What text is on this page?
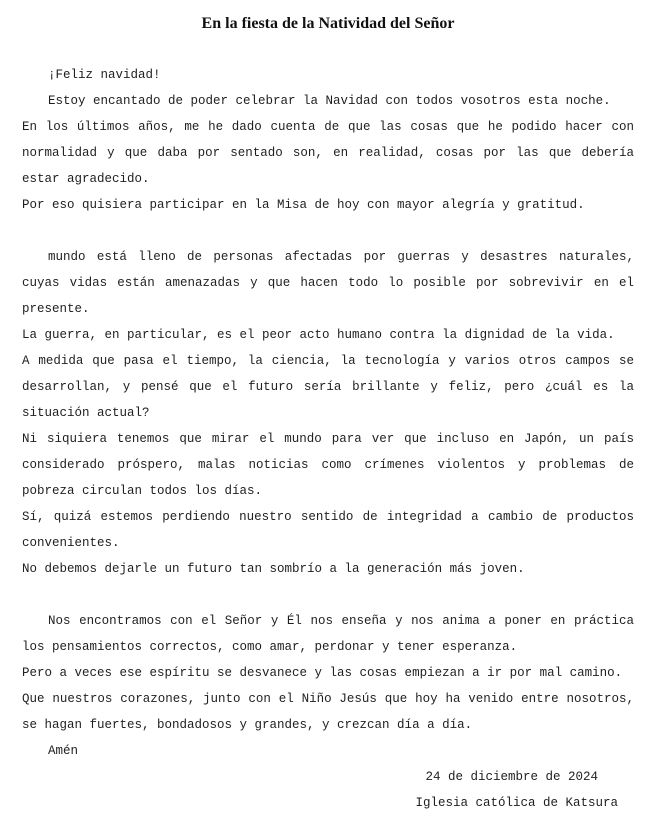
En la fiesta de la Natividad del Señor

¡Feliz navidad!

Estoy encantado de poder celebrar la Navidad con todos vosotros esta noche.

En los últimos años, me he dado cuenta de que las cosas que he podido hacer con normalidad y que daba por sentado son, en realidad, cosas por las que debería estar agradecido.

Por eso quisiera participar en la Misa de hoy con mayor alegría y gratitud.

mundo está lleno de personas afectadas por guerras y desastres naturales, cuyas vidas están amenazadas y que hacen todo lo posible por sobrevivir en el presente.

La guerra, en particular, es el peor acto humano contra la dignidad de la vida.

A medida que pasa el tiempo, la ciencia, la tecnología y varios otros campos se desarrollan, y pensé que el futuro sería brillante y feliz, pero ¿cuál es la situación actual?

Ni siquiera tenemos que mirar el mundo para ver que incluso en Japón, un país considerado próspero, malas noticias como crímenes violentos y problemas de pobreza circulan todos los días.

Sí, quizá estemos perdiendo nuestro sentido de integridad a cambio de productos convenientes.

No debemos dejarle un futuro tan sombrío a la generación más joven.

Nos encontramos con el Señor y Él nos enseña y nos anima a poner en práctica los pensamientos correctos, como amar, perdonar y tener esperanza.

Pero a veces ese espíritu se desvanece y las cosas empiezan a ir por mal camino.

Que nuestros corazones, junto con el Niño Jesús que hoy ha venido entre nosotros, se hagan fuertes, bondadosos y grandes, y crezcan día a día.

Amén

24 de diciembre de 2024

Iglesia católica de Katsura
